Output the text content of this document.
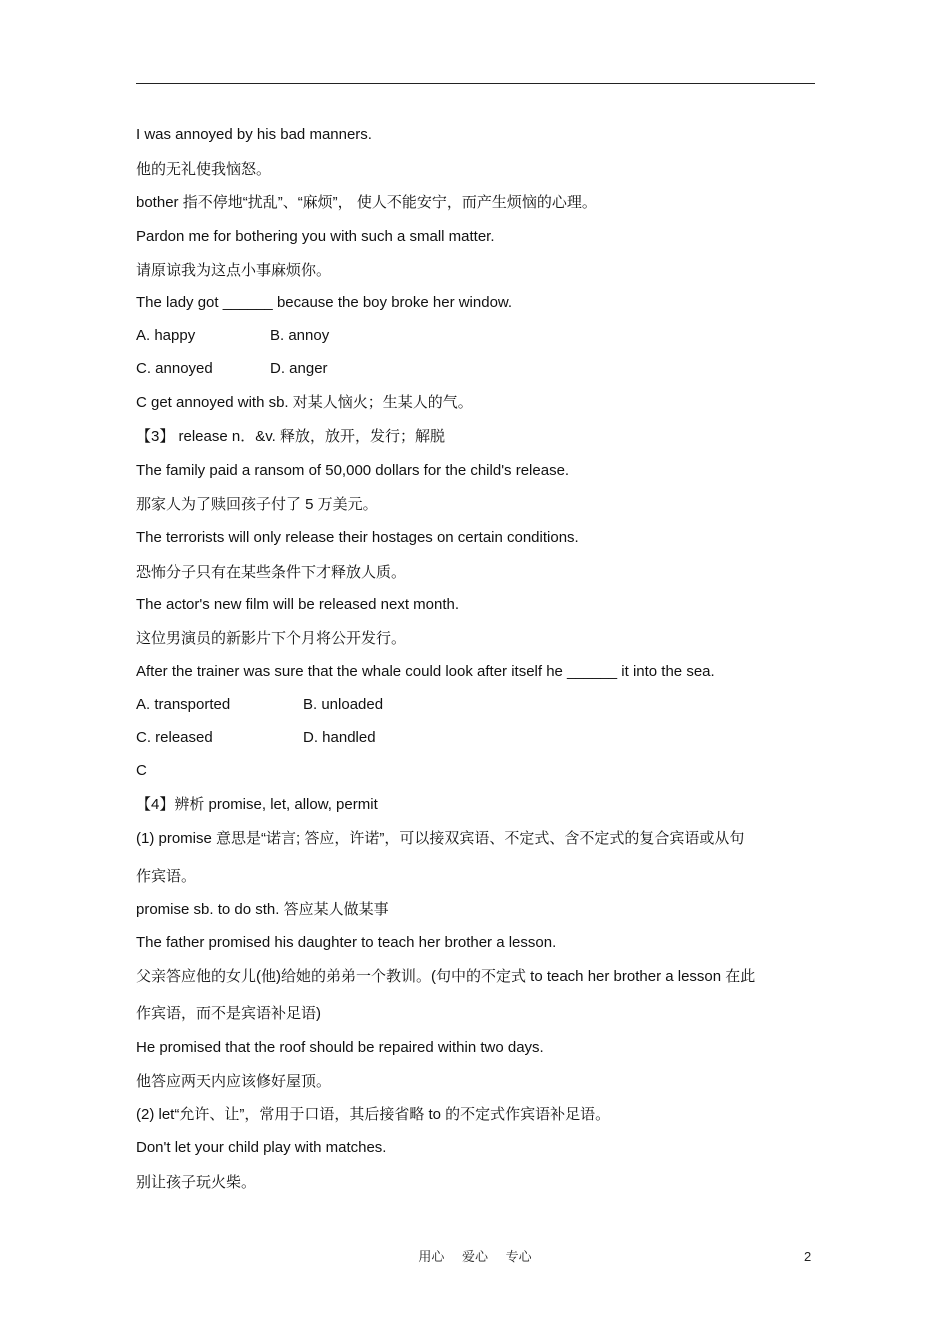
I was annoyed by his bad manners.
他的无礼使我恼怒。
bother 指不停地“扰乱”、“麻烦”， 使人不能安宁，而产生烦恼的心理。
Pardon me for bothering you with such a small matter.
请原谅我为这点小事麻烦你。
The lady got ______ because the boy broke her window.
A. happy	B. annoy
C. annoyed	D. anger
C get annoyed with sb. 对某人恼火；生某人的气。
【3】 release n．&v. 释放，放开，发行；解脱
The family paid a ransom of 50,000 dollars for the child's release.
那家人为了赎回孩子付了 5 万美元。
The terrorists will only release their hostages on certain conditions.
恐怖分子只有在某些条件下才释放人质。
The actor's new film will be released next month.
这位男演员的新影片下个月将公开发行。
After the trainer was sure that the whale could look after itself he ______ it into the sea.
A. transported	B. unloaded
C. released	D. handled
C
【4】辨析 promise, let, allow, permit
(1) promise 意思是“诺言; 答应，许诺”，可以接双宾语、不定式、含不定式的复合宾语或从句
作宾语。
promise sb. to do sth. 答应某人做某事
The father promised his daughter to teach her brother a lesson.
父亲答应他的女儿(他)给她的弟弟一个教训。(句中的不定式 to teach her brother a lesson 在此
作宾语，而不是宾语补足语)
He promised that the roof should be repaired within two days.
他答应两天内应该修好屋顶。
(2) let“允许、让”，常用于口语，其后接省略 to 的不定式作宾语补足语。
Don't let your child play with matches.
别让孩子玩火柴。
用心 爱心 专心	2
